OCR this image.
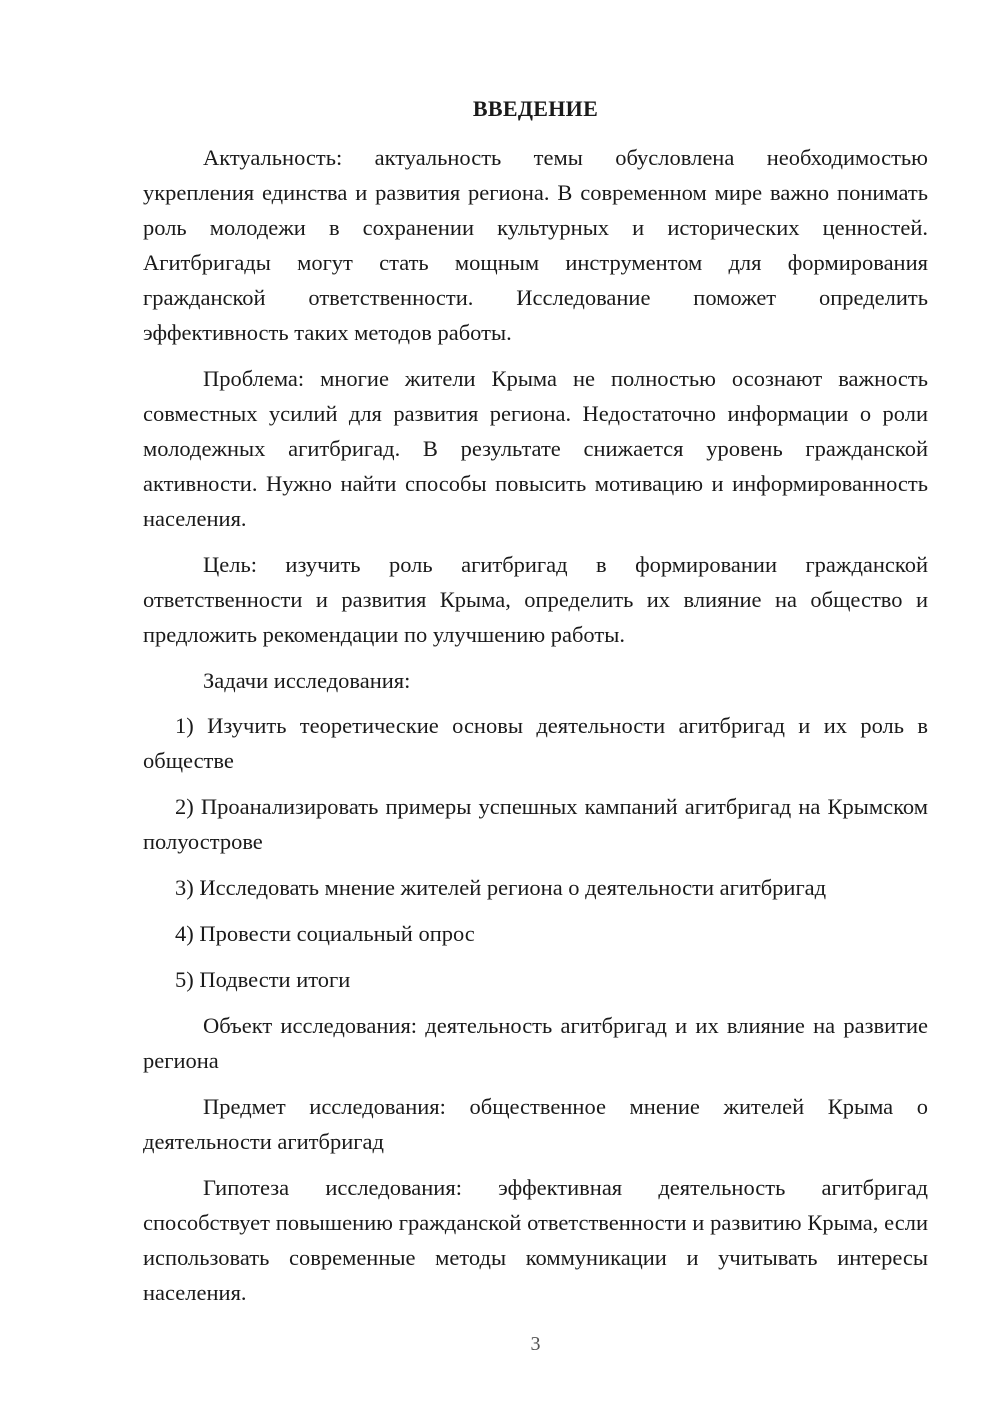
ВВЕДЕНИЕ

Актуальность: актуальность темы обусловлена необходимостью укрепления единства и развития региона. В современном мире важно понимать роль молодежи в сохранении культурных и исторических ценностей. Агитбригады могут стать мощным инструментом для формирования гражданской ответственности. Исследование поможет определить эффективность таких методов работы.

Проблема: многие жители Крыма не полностью осознают важность совместных усилий для развития региона. Недостаточно информации о роли молодежных агитбригад. В результате снижается уровень гражданской активности. Нужно найти способы повысить мотивацию и информированность населения.

Цель: изучить роль агитбригад в формировании гражданской ответственности и развития Крыма, определить их влияние на общество и предложить рекомендации по улучшению работы.

Задачи исследования:

1) Изучить теоретические основы деятельности агитбригад и их роль в обществе

2) Проанализировать примеры успешных кампаний агитбригад на Крымском полуострове

3) Исследовать мнение жителей региона о деятельности агитбригад

4) Провести социальный опрос

5) Подвести итоги

Объект исследования: деятельность агитбригад и их влияние на развитие региона

Предмет исследования: общественное мнение жителей Крыма о деятельности агитбригад

Гипотеза исследования: эффективная деятельность агитбригад способствует повышению гражданской ответственности и развитию Крыма, если использовать современные методы коммуникации и учитывать интересы населения.

3
